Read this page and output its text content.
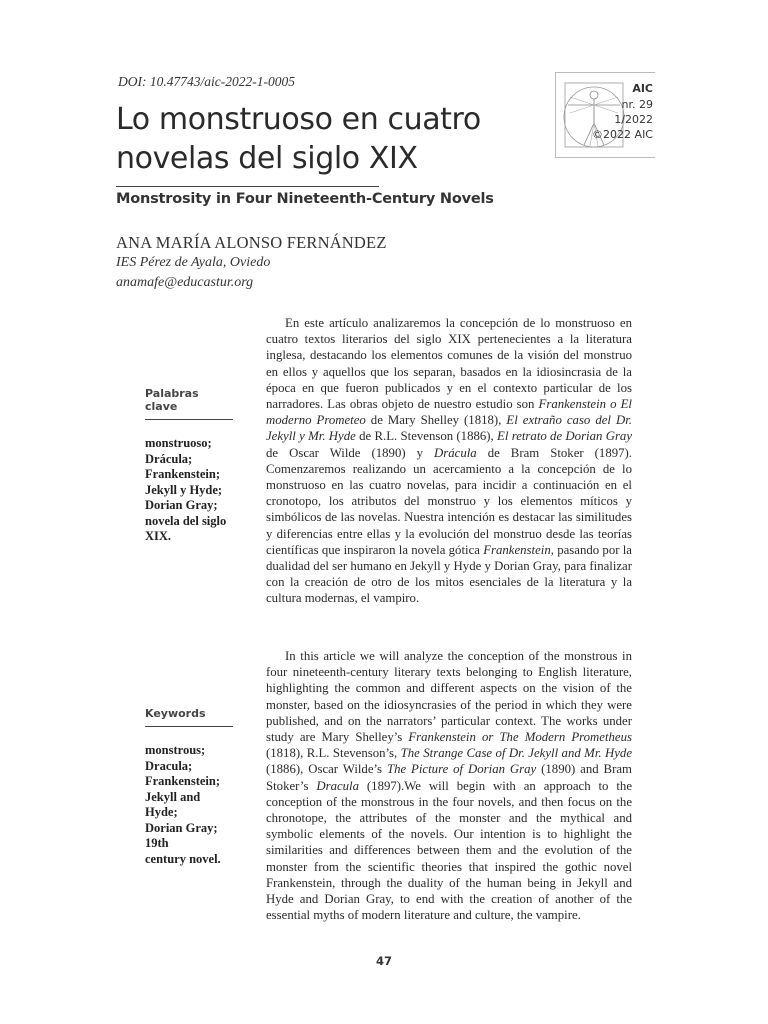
DOI: 10.47743/aic-2022-1-0005	AIC
nr. 29
1/2022
©2022 AIC
Lo monstruoso en cuatro novelas del siglo XIX
Monstrosity in Four Nineteenth-Century Novels
ANA MARÍA ALONSO FERNÁNDEZ
IES Pérez de Ayala, Oviedo
anamafe@educastur.org
Palabras clave
monstruoso;
Drácula;
Frankenstein;
Jekyll y Hyde;
Dorian Gray;
novela del siglo
XIX.
Keywords
monstrous;
Dracula;
Frankenstein;
Jekyll and Hyde;
Dorian Gray; 19th
century novel.

En este artículo analizaremos la concepción de lo monstruoso en cuatro textos literarios del siglo XIX pertenecientes a la literatura inglesa, destacando los elementos comunes de la visión del monstruo en ellos y aquellos que los separan, basados en la idiosincrasia de la época en que fueron publicados y en el contexto particular de los narradores. Las obras objeto de nuestro estudio son Frankenstein o El moderno Prometeo de Mary Shelley (1818), El extraño caso del Dr. Jekyll y Mr. Hyde de R.L. Stevenson (1886), El retrato de Dorian Gray de Oscar Wilde (1890) y Drácula de Bram Stoker (1897). Comenzaremos realizando un acercamiento a la concepción de lo monstruoso en las cuatro novelas, para incidir a continuación en el cronotopo, los atributos del monstruo y los elementos míticos y simbólicos de las novelas. Nuestra intención es destacar las similitudes y diferencias entre ellas y la evolución del monstruo desde las teorías científicas que inspiraron la novela gótica Frankenstein, pasando por la dualidad del ser humano en Jekyll y Hyde y Dorian Gray, para finalizar con la creación de otro de los mitos esenciales de la literatura y la cultura modernas, el vampiro.

In this article we will analyze the conception of the monstrous in four nineteenth-century literary texts belonging to English literature, highlighting the common and different aspects on the vision of the monster, based on the idiosyncrasies of the period in which they were published, and on the narrators’ particular context. The works under study are Mary Shelley’s Frankenstein or The Modern Prometheus (1818), R.L. Stevenson’s, The Strange Case of Dr. Jekyll and Mr. Hyde (1886), Oscar Wilde’s The Picture of Dorian Gray (1890) and Bram Stoker’s Dracula (1897).We will begin with an approach to the conception of the monstrous in the four novels, and then focus on the chronotope, the attributes of the monster and the mythical and symbolic elements of the novels. Our intention is to highlight the similarities and differences between them and the evolution of the monster from the scientific theories that inspired the gothic novel Frankenstein, through the duality of the human being in Jekyll and Hyde and Dorian Gray, to end with the creation of another of the essential myths of modern literature and culture, the vampire.

47
